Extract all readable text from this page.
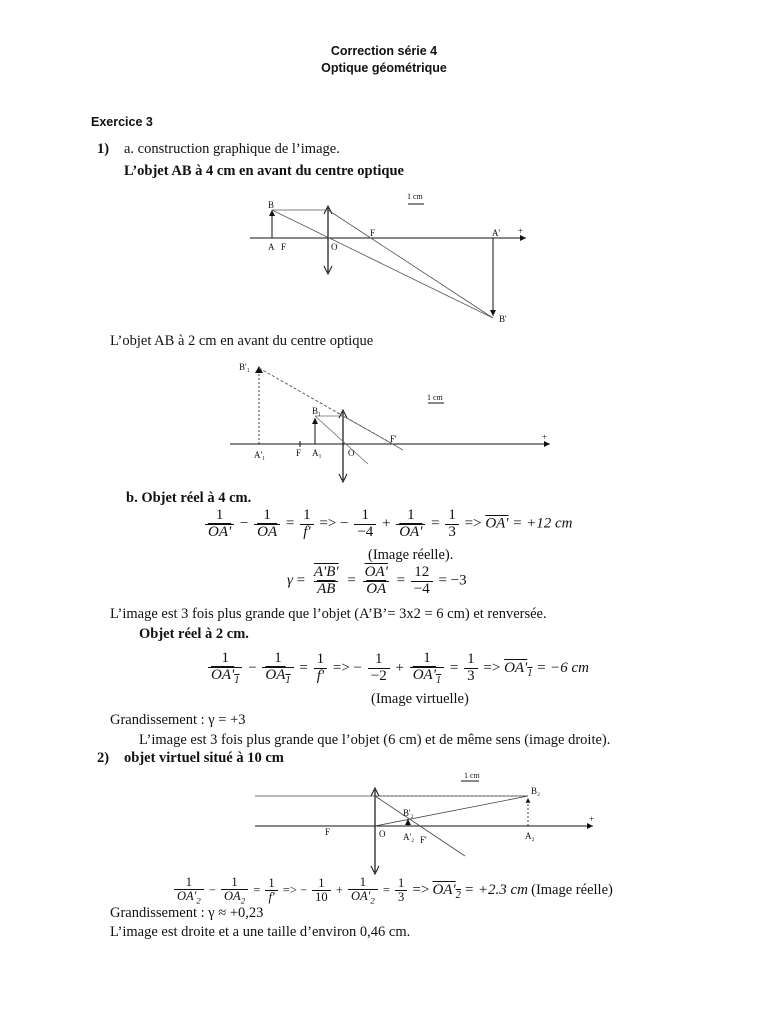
Correction série 4
Optique géométrique
Exercice 3
1) a. construction graphique de l’image.
L’objet AB à 4 cm en avant du centre optique
+
1 cm
B
A F	O
F	A'
B'
L’objet AB à 2 cm en avant du centre optique
+
1 cm
B'₁
B₁
A'₁	F A₁	O
F'
b. Objet réel à 4 cm.
$\frac{1}{OA'} - \frac{1}{OA} = \frac{1}{f'}$ => − $\frac{1}{-4} + \frac{1}{OA'} = \frac{1}{3} => OA' = +12$ cm
(Image réelle).
$\gamma = \frac{A'B'}{AB} = \frac{OA'}{OA} = \frac{12}{-4} = -3$
L’image est 3 fois plus grande que l’objet (A’B’= 3x2 = 6 cm) et renversée.
Objet réel à 2 cm.
$\frac{1}{OA'_1} - \frac{1}{OA_1} = \frac{1}{f'}$ => − $\frac{1}{-2} + \frac{1}{OA'_1} = \frac{1}{3} => OA'_1 = -6$ cm
(Image virtuelle)
Grandissement : γ = +3
L’image est 3 fois plus grande que l’objet (6 cm) et de même sens (image droite).
2) objet virtuel situé à 10 cm
+
1 cm
B₂
B'₂
F	O A'₂ F'	A₂
$\frac{1}{OA'_2} - \frac{1}{OA_2} = \frac{1}{f'}$ => − $\frac{1}{10} + \frac{1}{OA'_2} = \frac{1}{3} => OA'_2 = +2.3$ cm (Image réelle)
Grandissement : γ ≈ +0,23
L’image est droite et a une taille d’environ 0,46 cm.
